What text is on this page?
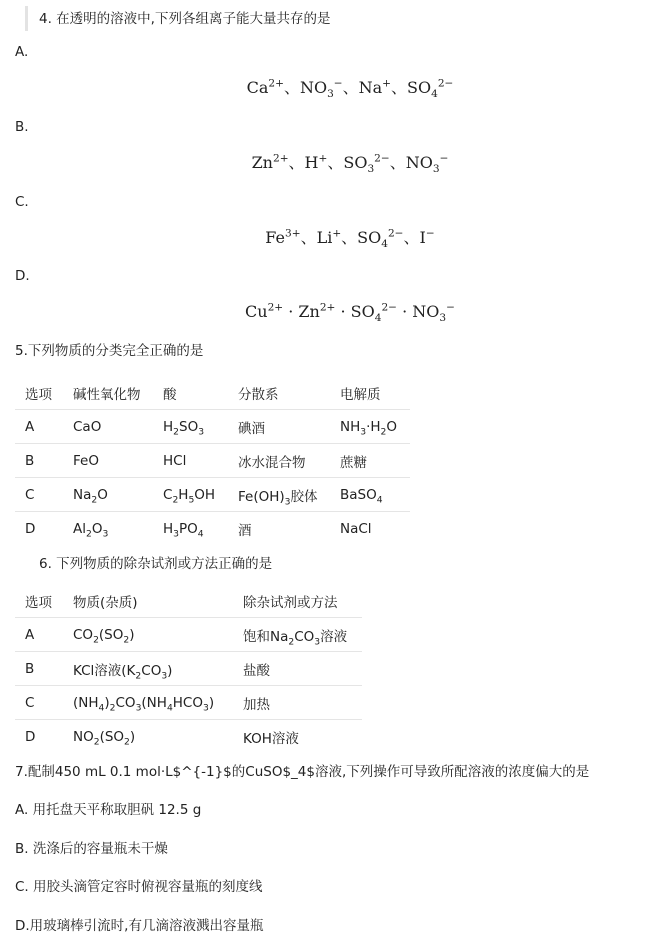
4. 在透明的溶液中,下列各组离子能大量共存的是
A.
$Ca^{2+}$、$NO_3^-$、Na+、$SO_4^{2-}$
B.
$Zn^{2+}$、H+、$SO_3^{2-}$、$NO_3^-$
C.
$Fe^{3+}$、Li+、$SO_4^{2-}$、I−
D.
$Cu^{2+} \cdot Zn^{2+} \cdot SO_4^{2-} \cdot NO_3^-$
5.下列物质的分类完全正确的是
选项	碱性氧化物	酸	分散系	电解质
A	CaO	$H_2SO_3$	碘酒	$NH_3\cdot H_2O$
B	FeO	HCl	冰水混合物	蔗糖
C	$Na_2O$	$C_2H_5OH$	$Fe(OH)_3$胶体	BaSO$_4$
D	$Al_2O_3$	$H_3PO_4$	酒	NaCl
6. 下列物质的除杂试剂或方法正确的是
选项	物质(杂质)	除杂试剂或方法
A	$CO_2(SO_2)$	饱和$Na_2CO_3$溶液
B	KCl溶液$(K_2CO_3)$	盐酸
C	$(NH_4)_2CO_3(NH_4HCO_3)$	加热
D	$NO_2(SO_2)$	KOH溶液
7.配制450 mL 0.1 mol·L$^{-1}$的CuSO$_4$溶液,下列操作可导致所配溶液的浓度偏大的是
A. 用托盘天平称取胆矾 12.5 g
B. 洗涤后的容量瓶未干燥
C. 用胶头滴管定容时俯视容量瓶的刻度线
D.用玻璃棒引流时,有几滴溶液溅出容量瓶
